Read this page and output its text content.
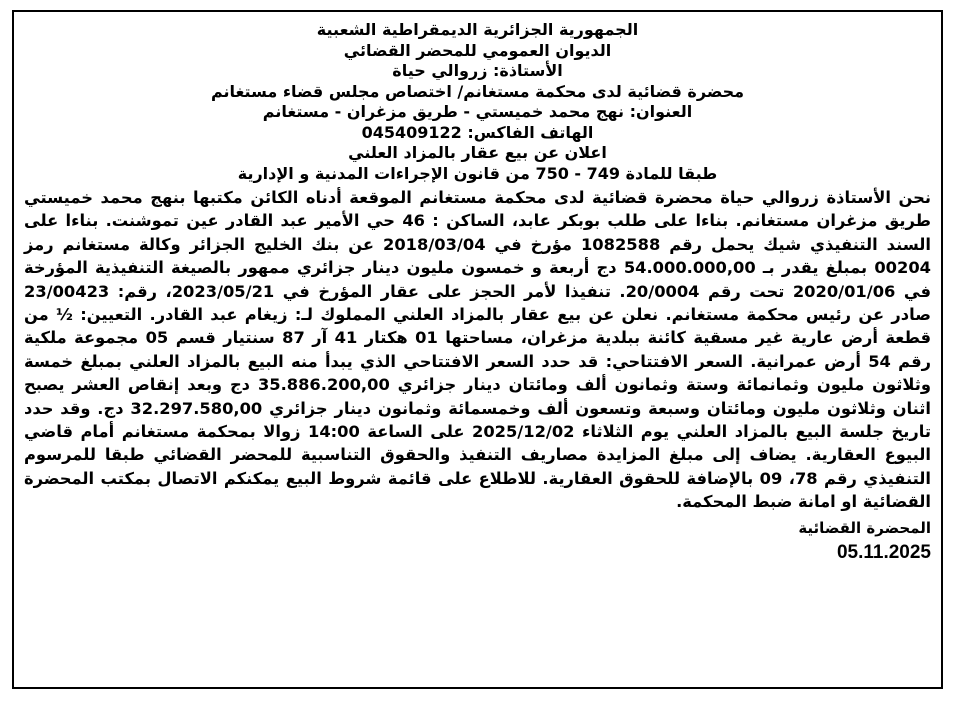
الجمهورية الجزائرية الديمقراطية الشعبية
الديوان العمومي للمحضر القضائي
الأستاذة: زروالي حياة
محضرة قضائية لدى محكمة مستغانم/ اختصاص مجلس قضاء مستغانم
العنوان: نهج محمد خميستي - طريق مزغران - مستغانم
الهاتف الفاكس: 045409122
اعلان عن بيع عقار بالمزاد العلني
طبقا للمادة 749 - 750 من قانون الإجراءات المدنية و الإدارية
نحن الأستاذة زروالي حياة محضرة قضائية لدى محكمة مستغانم الموقعة أدناه الكائن مكتبها بنهج محمد خميستي طريق مزغران مستغانم. بناءا على طلب بوبكر عابد، الساكن : 46 حي الأمير عبد القادر عين تموشنت. بناءا على السند التنفيذي شيك يحمل رقم 1082588 مؤرخ في 2018/03/04 عن بنك الخليج الجزائر وكالة مستغانم رمز 00204 بمبلغ يقدر بـ 54.000.000,00 دج أربعة و خمسون مليون دينار جزائري ممهور بالصيغة التنفيذية المؤرخة في 2020/01/06 تحت رقم 20/0004. تنفيذا لأمر الحجز على عقار المؤرخ في 2023/05/21، رقم: 23/00423 صادر عن رئيس محكمة مستغانم. نعلن عن بيع عقار بالمزاد العلني المملوك لـ: زيغام عبد القادر. التعيين: ½ من قطعة أرض عارية غير مسقية كائنة ببلدية مزغران، مساحتها 01 هكتار 41 آر 87 سنتيار قسم 05 مجموعة ملكية رقم 54 أرض عمرانية. السعر الافتتاحي: قد حدد السعر الافتتاحي الذي يبدأ منه البيع بالمزاد العلني بمبلغ خمسة وثلاثون مليون وثمانمائة وستة وثمانون ألف ومائتان دينار جزائري 35.886.200,00 دج وبعد إنقاص العشر يصبح اثنان وثلاثون مليون ومائتان وسبعة وتسعون ألف وخمسمائة وثمانون دينار جزائري 32.297.580,00 دج. وقد حدد تاريخ جلسة البيع بالمزاد العلني يوم الثلاثاء 2025/12/02 على الساعة 14:00 زوالا بمحكمة مستغانم أمام قاضي البيوع العقارية. يضاف إلى مبلغ المزايدة مصاريف التنفيذ والحقوق التناسبية للمحضر القضائي طبقا للمرسوم التنفيذي رقم 78، 09 بالإضافة للحقوق العقارية. للاطلاع على قائمة شروط البيع يمكنكم الاتصال بمكتب المحضرة القضائية او امانة ضبط المحكمة.
المحضرة القضائية
05.11.2025
